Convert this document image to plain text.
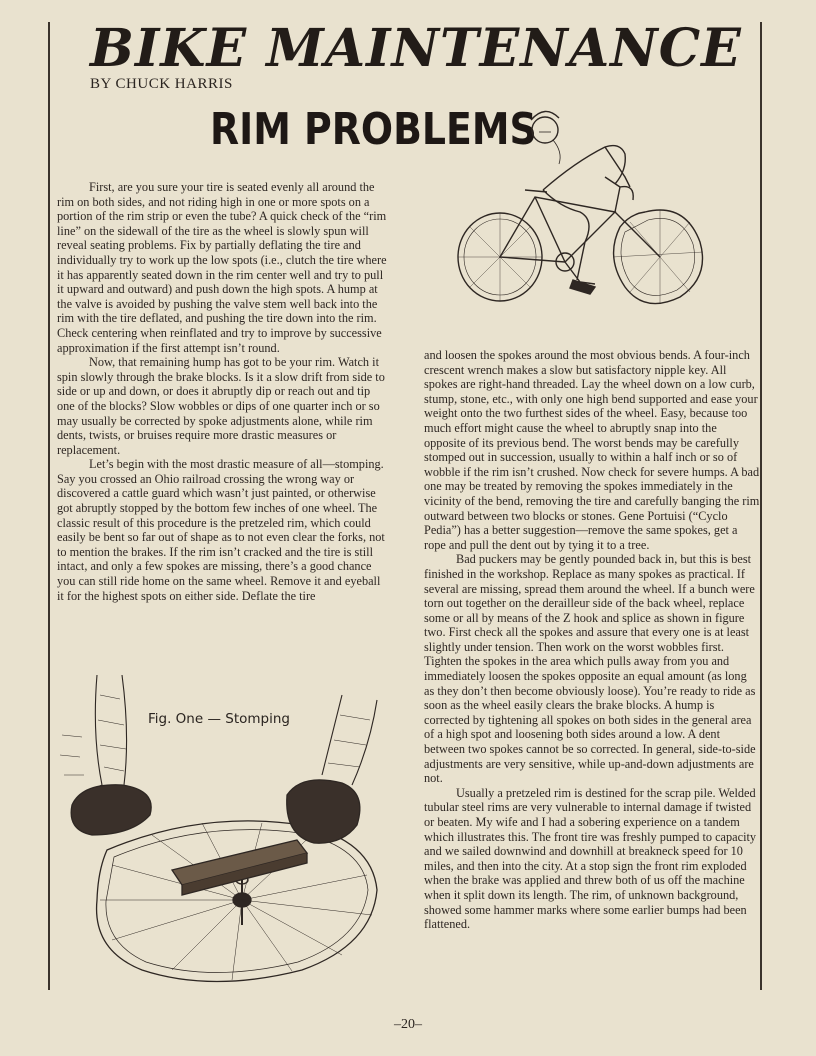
BIKE MAINTENANCE
BY CHUCK HARRIS
RIM PROBLEMS

First, are you sure your tire is seated evenly all around the rim on both sides, and not riding high in one or more spots on a portion of the rim strip or even the tube? A quick check of the “rim line” on the sidewall of the tire as the wheel is slowly spun will reveal seating problems. Fix by partially deflating the tire and individually try to work up the low spots (i.e., clutch the tire where it has apparently seated down in the rim center well and try to pull it upward and outward) and push down the high spots. A hump at the valve is avoided by pushing the valve stem well back into the rim with the tire deflated, and pushing the tire down into the rim. Check centering when reinflated and try to improve by successive approximation if the first attempt isn’t round.

Now, that remaining hump has got to be your rim. Watch it spin slowly through the brake blocks. Is it a slow drift from side to side or up and down, or does it abruptly dip or reach out and tip one of the blocks? Slow wobbles or dips of one quarter inch or so may usually be corrected by spoke adjustments alone, while rim dents, twists, or bruises require more drastic measures or replacement.

Let’s begin with the most drastic measure of all—stomping. Say you crossed an Ohio railroad crossing the wrong way or discovered a cattle guard which wasn’t just painted, or otherwise got abruptly stopped by the bottom few inches of one wheel. The classic result of this procedure is the pretzeled rim, which could easily be bent so far out of shape as to not even clear the forks, not to mention the brakes. If the rim isn’t cracked and the tire is still intact, and only a few spokes are missing, there’s a good chance you can still ride home on the same wheel. Remove it and eyeball it for the highest spots on either side. Deflate the tire

Fig. One — Stomping

and loosen the spokes around the most obvious bends. A four-inch crescent wrench makes a slow but satisfactory nipple key. All spokes are right-hand threaded. Lay the wheel down on a low curb, stump, stone, etc., with only one high bend supported and ease your weight onto the two furthest sides of the wheel. Easy, because too much effort might cause the wheel to abruptly snap into the opposite of its previous bend. The worst bends may be carefully stomped out in succession, usually to within a half inch or so of wobble if the rim isn’t crushed. Now check for severe humps. A bad one may be treated by removing the spokes immediately in the vicinity of the bend, removing the tire and carefully banging the rim outward between two blocks or stones. Gene Portuisi (“Cyclo Pedia”) has a better suggestion—remove the same spokes, get a rope and pull the dent out by tying it to a tree.

Bad puckers may be gently pounded back in, but this is best finished in the workshop. Replace as many spokes as practical. If several are missing, spread them around the wheel. If a bunch were torn out together on the derailleur side of the back wheel, replace some or all by means of the Z hook and splice as shown in figure two. First check all the spokes and assure that every one is at least slightly under tension. Then work on the worst wobbles first. Tighten the spokes in the area which pulls away from you and immediately loosen the spokes opposite an equal amount (as long as they don’t then become obviously loose). You’re ready to ride as soon as the wheel easily clears the brake blocks. A hump is corrected by tightening all spokes on both sides in the general area of a high spot and loosening both sides around a low. A dent between two spokes cannot be so corrected. In general, side-to-side adjustments are very sensitive, while up-and-down adjustments are not.

Usually a pretzeled rim is destined for the scrap pile. Welded tubular steel rims are very vulnerable to internal damage if twisted or beaten. My wife and I had a sobering experience on a tandem which illustrates this. The front tire was freshly pumped to capacity and we sailed downwind and downhill at breakneck speed for 10 miles, and then into the city. At a stop sign the front rim exploded when the brake was applied and threw both of us off the machine when it split down its length. The rim, of unknown background, showed some hammer marks where some earlier bumps had been flattened.

–20–
